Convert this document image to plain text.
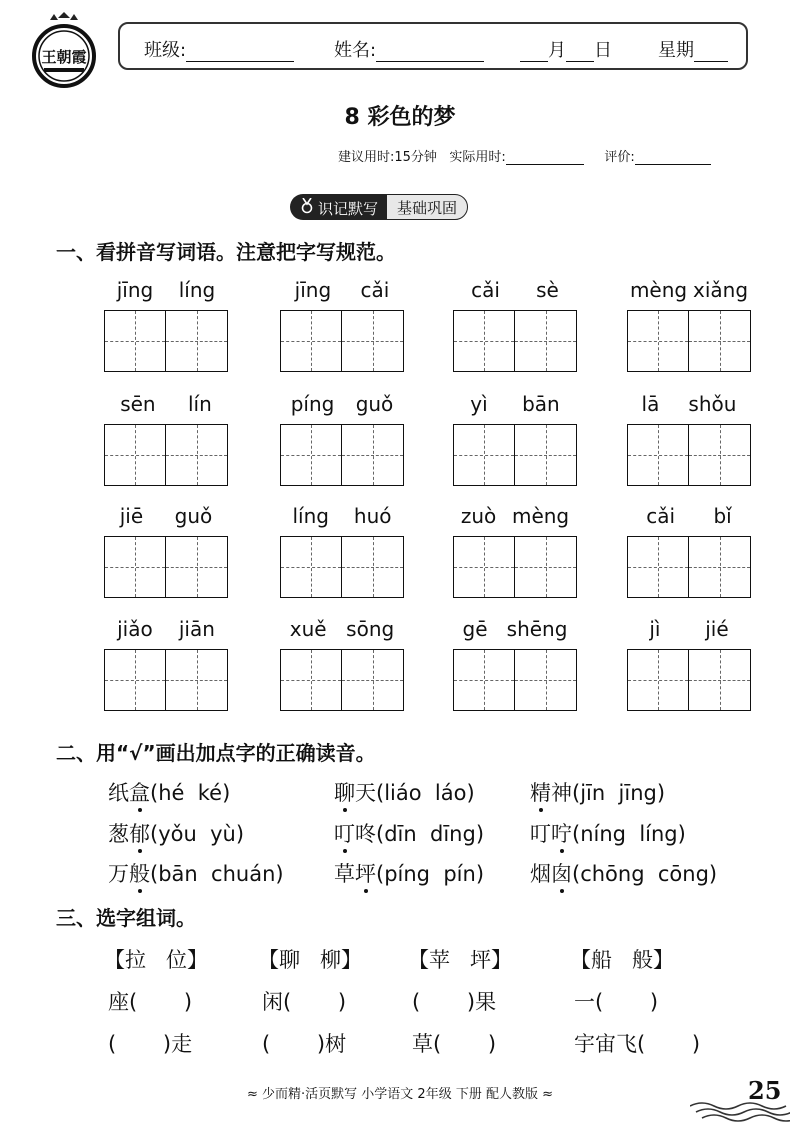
王朝霞	班级:	姓名:	月 日	星期
8 彩色的梦
建议用时:15分钟 实际用时:	评价:
识记默写 基础巩固
一、看拼音写词语。注意把字写规范。
jīng líng	jīng cǎi	cǎi sè	mèng xiǎng
sēn lín	píng guǒ	yì bān	lā shǒu
jiē guǒ	líng huó	zuò mèng	cǎi bǐ
jiǎo jiān	xuě sōng	gē shēng	jì jié
二、用“√”画出加点字的正确读音。
纸盒(hé  ké)	聊天(liáo  láo)	精神(jīn  jīng)
葱郁(yǒu  yù)	叮咚(dīn  dīng) 叮咛(níng  líng)
万般(bān  chuán) 草坪(píng  pín) 烟囱(chōng  cōng)
三、选字组词。
【拉   位】 【聊   柳】 【苹   坪】	【船   般】
座(       )	闲(       )	(       )果	一(       )
(       )走	(       )树	草(       )	宇宙飞(       )
≈ 少而精·活页默写 小学语文 2年级 下册 配人教版 ≈	25
